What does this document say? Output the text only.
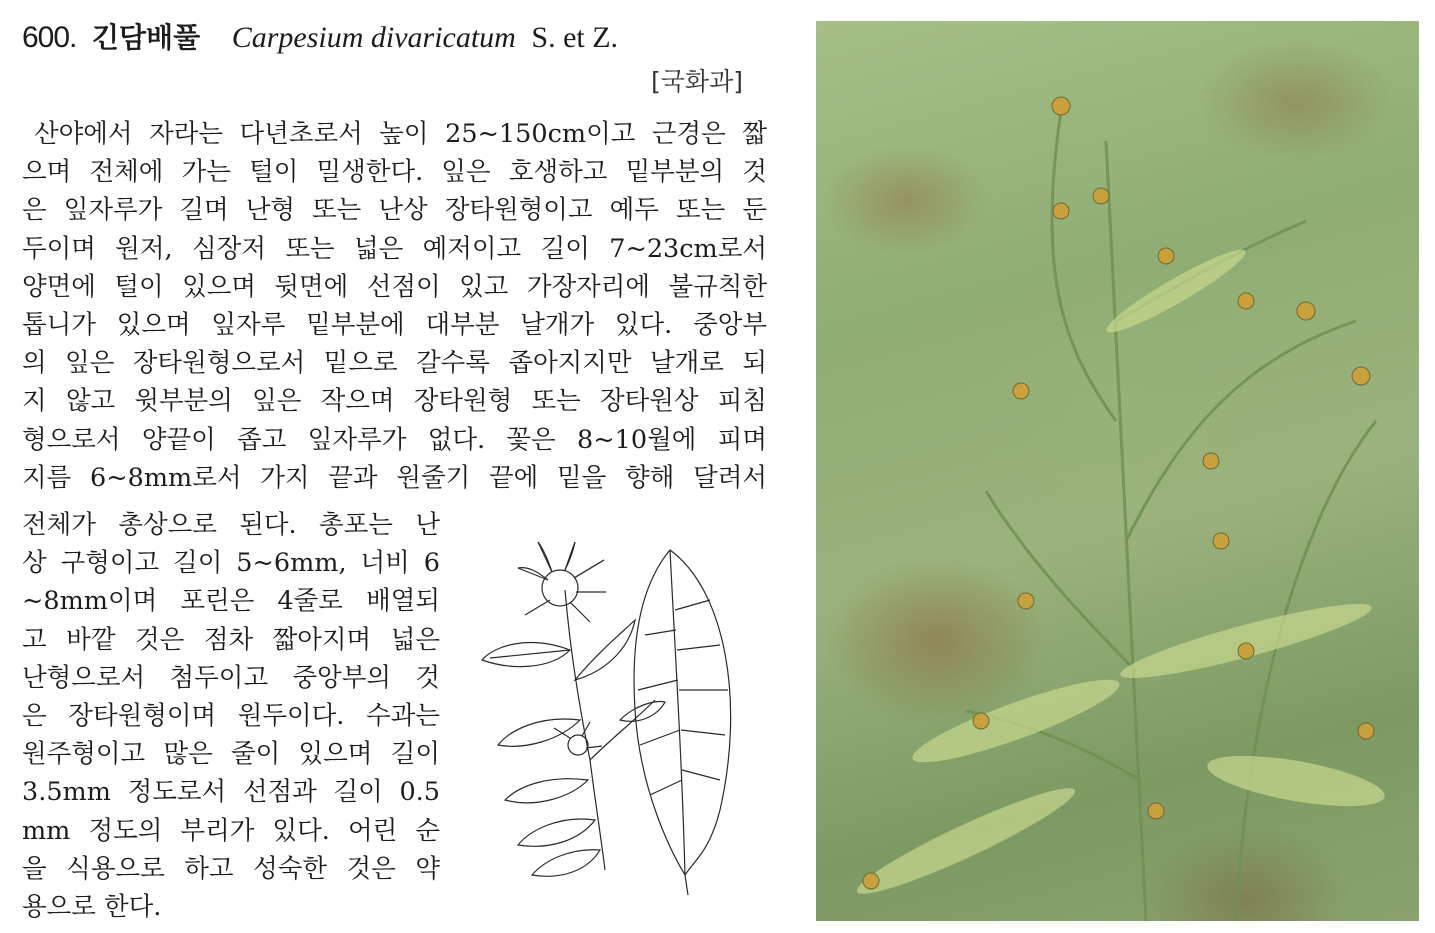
600. 긴담배풀 Carpesium divaricatum S. et Z.
[국화과]
산야에서 자라는 다년초로서 높이 25~150cm이고 근경은 짧
으며 전체에 가는 털이 밀생한다. 잎은 호생하고 밑부분의 것
은 잎자루가 길며 난형 또는 난상 장타원형이고 예두 또는 둔
두이며 원저, 심장저 또는 넓은 예저이고 길이 7~23cm로서
양면에 털이 있으며 뒷면에 선점이 있고 가장자리에 불규칙한
톱니가 있으며 잎자루 밑부분에 대부분 날개가 있다. 중앙부
의 잎은 장타원형으로서 밑으로 갈수록 좁아지지만 날개로 되
지 않고 윗부분의 잎은 작으며 장타원형 또는 장타원상 피침
형으로서 양끝이 좁고 잎자루가 없다. 꽃은 8~10월에 피며
지름 6~8mm로서 가지 끝과 원줄기 끝에 밑을 향해 달려서
전체가 총상으로 된다. 총포는 난
상 구형이고 길이 5~6mm, 너비 6
~8mm이며 포린은 4줄로 배열되
고 바깥 것은 점차 짧아지며 넓은
난형으로서 첨두이고 중앙부의 것
은 장타원형이며 원두이다. 수과는
원주형이고 많은 줄이 있으며 길이
3.5mm 정도로서 선점과 길이 0.5
mm 정도의 부리가 있다. 어린 순
을 식용으로 하고 성숙한 것은 약
용으로 한다.
